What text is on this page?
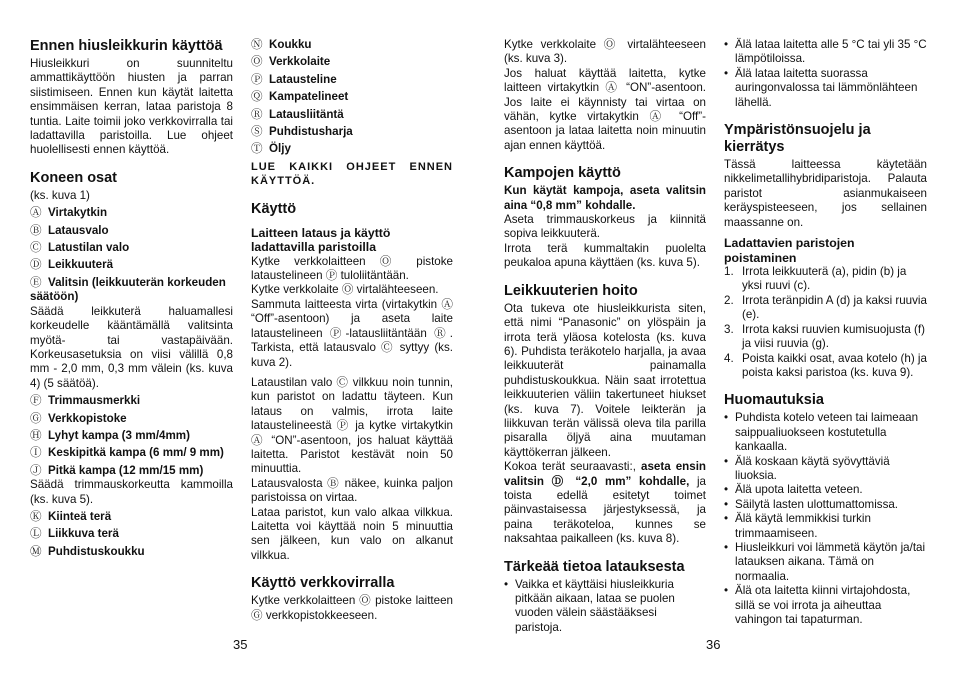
Ennen hiusleikkurin käyttöä

Hiusleikkuri on suunniteltu ammattikäyttöön hiusten ja parran siistimiseen. Ennen kun käytät laitetta ensimmäisen kerran, lataa paristoja 8 tuntia. Laite toimii joko verkkovirralla tai ladattavilla paristoilla. Lue ohjeet huolellisesti ennen käyttöä.

Koneen osat

(ks. kuva 1)

Ⓐ Virtakytkin
Ⓑ Latausvalo
Ⓒ Latustilan valo
Ⓓ Leikkuuterä
Ⓔ Valitsin (leikkuuterän korkeuden säätöön)

Säädä leikkuterä haluamallesi korkeudelle kääntämällä valitsinta myötä- tai vastapäivään. Korkeusasetuksia on viisi välillä 0,8 mm - 2,0 mm, 0,3 mm välein (ks. kuva 4) (5 säätöä).

Ⓕ Trimmausmerkki
Ⓖ Verkkopistoke
Ⓗ Lyhyt kampa (3 mm/4mm)
Ⓘ Keskipitkä kampa (6 mm/ 9 mm)
Ⓙ Pitkä kampa (12 mm/15 mm)

Säädä trimmauskorkeutta kammoilla (ks. kuva 5).

Ⓚ Kiinteä terä
Ⓛ Liikkuva terä
Ⓜ Puhdistuskoukku
Ⓝ Koukku
Ⓞ Verkkolaite
Ⓟ Latausteline
Ⓠ Kampatelineet
Ⓡ Latausliitäntä
Ⓢ Puhdistusharja
Ⓣ Öljy

LUE KAIKKI OHJEET ENNEN KÄYTTÖÄ.

Käyttö
Laitteen lataus ja käyttö ladattavilla paristoilla

Kytke verkkolaitteen Ⓞ pistoke lataustelineen Ⓟ tuloliitäntään.

Kytke verkkolaite Ⓞ virtalähteeseen.

Sammuta laitteesta virta (virtakytkin Ⓐ “Off”-asentoon) ja aseta laite lataustelineen Ⓟ-latausliitäntään Ⓡ. Tarkista, että latausvalo Ⓒ syttyy (ks. kuva 2).

Lataustilan valo Ⓒ vilkkuu noin tunnin, kun paristot on ladattu täyteen. Kun lataus on valmis, irrota laite lataustelineestä Ⓟ ja kytke virtakytkin Ⓐ “ON”-asentoon, jos haluat käyttää laitetta. Paristot kestävät noin 50 minuuttia.

Latausvalosta Ⓑ näkee, kuinka paljon paristoissa on virtaa.

Lataa paristot, kun valo alkaa vilkkua. Laitetta voi käyttää noin 5 minuuttia sen jälkeen, kun valo on alkanut vilkkua.

Käyttö verkkovirralla

Kytke verkkolaitteen Ⓞ pistoke laitteen Ⓖ verkkopistokkeeseen.

Kytke verkkolaite Ⓞ virtalähteeseen (ks. kuva 3).

Jos haluat käyttää laitetta, kytke laitteen virtakytkin Ⓐ “ON”-asentoon. Jos laite ei käynnisty tai virtaa on vähän, kytke virtakytkin Ⓐ “Off”-asentoon ja lataa laitetta noin minuutin ajan ennen käyttöä.

Kampojen käyttö

Kun käytät kampoja, aseta valitsin aina “0,8 mm” kohdalle.

Aseta trimmauskorkeus ja kiinnitä sopiva leikkuuterä.

Irrota terä kummaltakin puolelta peukaloa apuna käyttäen (ks. kuva 5).

Leikkuuterien hoito

Ota tukeva ote hiusleikkurista siten, että nimi “Panasonic” on ylöspäin ja irrota terä yläosa kotelosta (ks. kuva 6). Puhdista teräkotelo harjalla, ja avaa leikkuuterät painamalla puhdistuskoukkua. Näin saat irrotettua leikkuuterien väliin takertuneet hiukset (ks. kuva 7). Voitele leikterän ja liikkuvan terän välissä oleva tila parilla pisaralla öljyä aina muutaman käyttökerran jälkeen.

Kokoa terät seuraavasti:, aseta ensin valitsin Ⓓ “2,0 mm” kohdalle, ja toista edellä esitetyt toimet päinvastaisessa järjestyksessä, ja paina teräkoteloa, kunnes se naksahtaa paikalleen (ks. kuva 8).

Tärkeää tietoa latauksesta
• Vaikka et käyttäisi hiusleikkuria pitkään aikaan, lataa se puolen vuoden välein säästääksesi paristoja.
• Älä lataa laitetta alle 5 °C tai yli 35 °C lämpötiloissa.
• Älä lataa laitetta suorassa auringonvalossa tai lämmönlähteen lähellä.
Ympäristönsuojelu ja kierrätys

Tässä laitteessa käytetään nikkelimetallihybridiparistoja. Palauta paristot asianmukaiseen keräyspisteeseen, jos sellainen maassanne on.

Ladattavien paristojen poistaminen
1. Irrota leikkuuterä (a), pidin (b) ja yksi ruuvi (c).
2. Irrota teränpidin A (d) ja kaksi ruuvia (e).
3. Irrota kaksi ruuvien kumisuojusta (f) ja viisi ruuvia (g).
4. Poista kaikki osat, avaa kotelo (h) ja poista kaksi paristoa (ks. kuva 9).
Huomautuksia
• Puhdista kotelo veteen tai laimeaan saippualiuokseen kostutetulla kankaalla.
• Älä koskaan käytä syövyttäviä liuoksia.
• Älä upota laitetta veteen.
• Säilytä lasten ulottumattomissa.
• Älä käytä lemmikkisi turkin trimmaamiseen.
• Hiusleikkuri voi lämmetä käytön ja/tai latauksen aikana. Tämä on normaalia.
• Älä ota laitetta kiinni virtajohdosta, sillä se voi irrota ja aiheuttaa vahingon tai tapaturman.
35	36
